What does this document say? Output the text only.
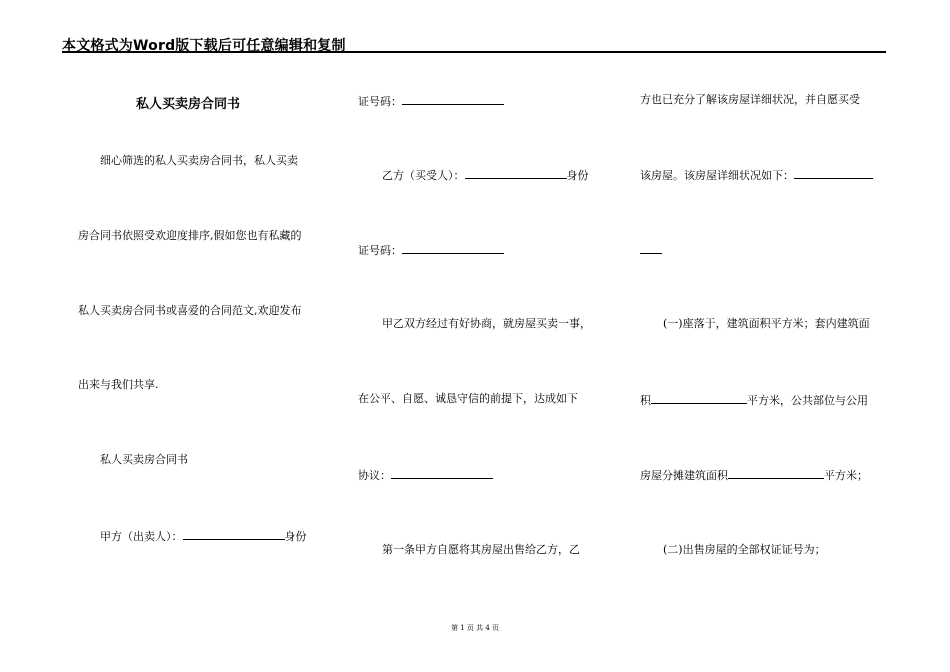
本文格式为Word版下载后可任意编辑和复制
私人买卖房合同书
细心筛选的私人买卖房合同书，私人买卖
房合同书依照受欢迎度排序,假如您也有私藏的
私人买卖房合同书或喜爱的合同范文,欢迎发布
出来与我们共享.
私人买卖房合同书
甲方（出卖人）：	身份
证号码：
乙方（买受人）：	身份
证号码：
甲乙双方经过有好协商，就房屋买卖一事，
在公平、自愿、诚恳守信的前提下，达成如下
协议：
第一条甲方自愿将其房屋出售给乙方，乙
方也已充分了解该房屋详细状况，并自愿买受
该房屋。该房屋详细状况如下：
(一)座落于，建筑面积平方米；套内建筑面
积	平方米，公共部位与公用
房屋分摊建筑面积	平方米；
(二)出售房屋的全部权证证号为；
第 1 页 共 4 页
